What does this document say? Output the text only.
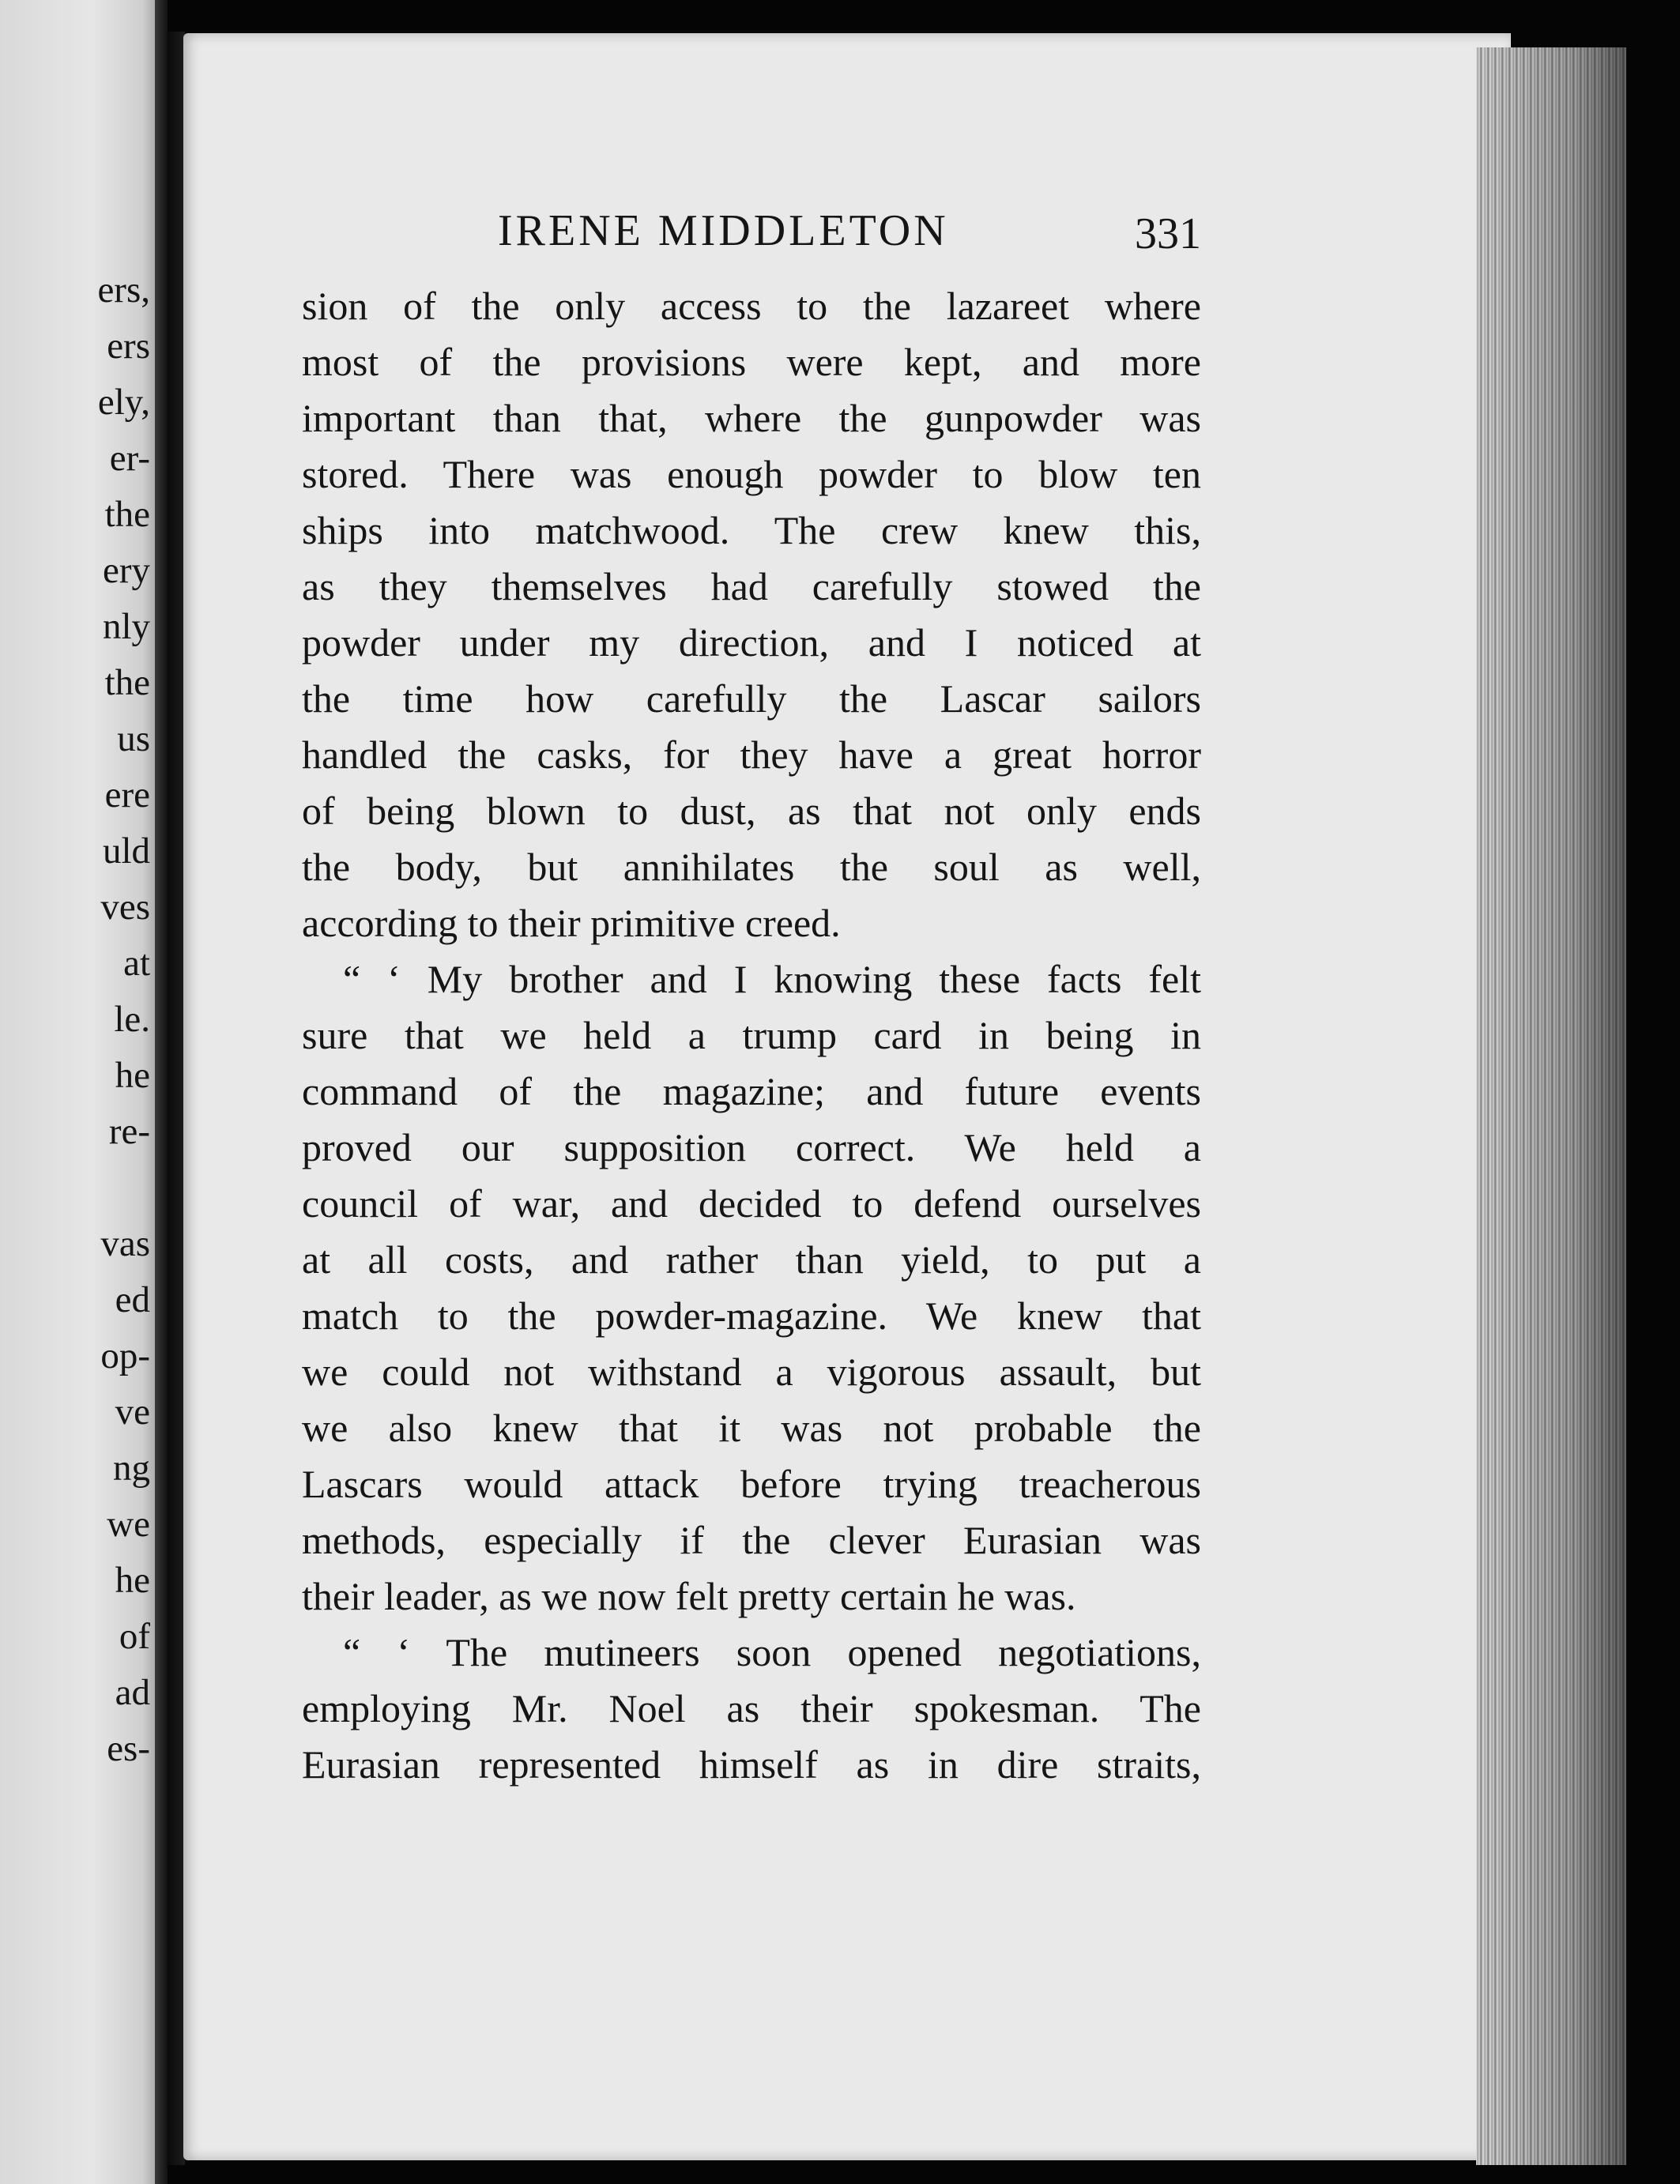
ers,
ers
ely,
er-
the
ery
nly
the
us
ere
uld
ves
at
le.
he
re-
vas
ed
op-
ve
ng
we
he
of
ad
es-
IRENE MIDDLETON	331
sion of the only access to the lazareet where
most of the provisions were kept, and more
important than that, where the gunpowder was
stored. There was enough powder to blow ten
ships into matchwood. The crew knew this,
as they themselves had carefully stowed the
powder under my direction, and I noticed at
the time how carefully the Lascar sailors
handled the casks, for they have a great horror
of being blown to dust, as that not only ends
the body, but annihilates the soul as well,
according to their primitive creed.
“ ‘ My brother and I knowing these facts felt
sure that we held a trump card in being in
command of the magazine; and future events
proved our supposition correct. We held a
council of war, and decided to defend ourselves
at all costs, and rather than yield, to put a
match to the powder-magazine. We knew that
we could not withstand a vigorous assault, but
we also knew that it was not probable the
Lascars would attack before trying treacherous
methods, especially if the clever Eurasian was
their leader, as we now felt pretty certain he was.
“ ‘ The mutineers soon opened negotiations,
employing Mr. Noel as their spokesman. The
Eurasian represented himself as in dire straits,
